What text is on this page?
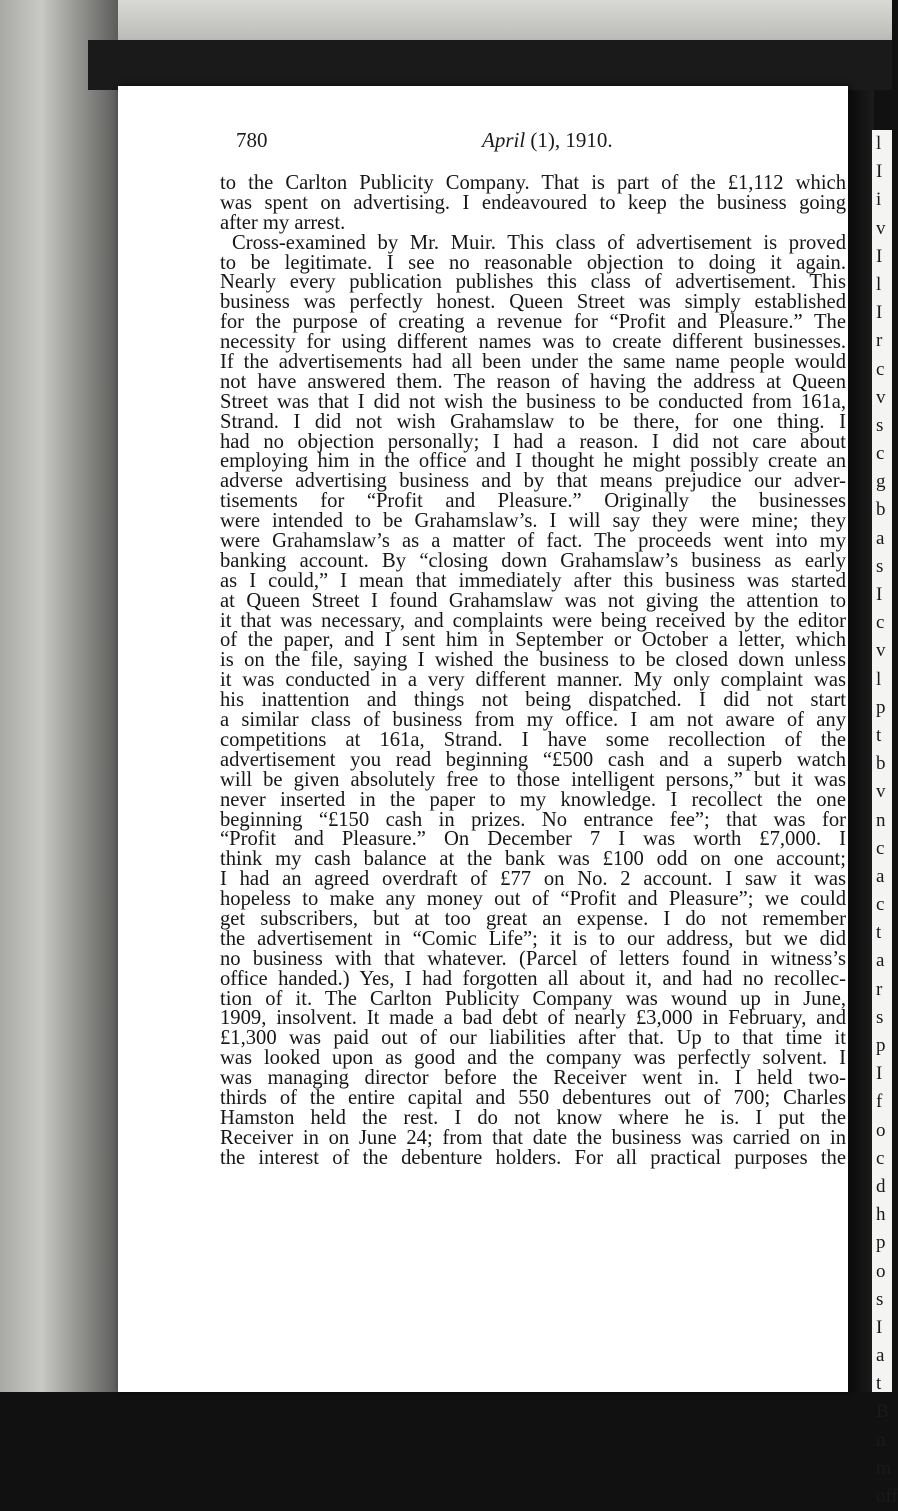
780	April (1), 1910.
to the Carlton Publicity Company. That is part of the £1,112 which
was spent on advertising. I endeavoured to keep the business going
after my arrest.
Cross-examined by Mr. Muir. This class of advertisement is proved
to be legitimate. I see no reasonable objection to doing it again.
Nearly every publication publishes this class of advertisement. This
business was perfectly honest. Queen Street was simply established
for the purpose of creating a revenue for “Profit and Pleasure.” The
necessity for using different names was to create different businesses.
If the advertisements had all been under the same name people would
not have answered them. The reason of having the address at Queen
Street was that I did not wish the business to be conducted from 161a,
Strand. I did not wish Grahamslaw to be there, for one thing. I
had no objection personally; I had a reason. I did not care about
employing him in the office and I thought he might possibly create an
adverse advertising business and by that means prejudice our adver-
tisements for “Profit and Pleasure.” Originally the businesses
were intended to be Grahamslaw’s. I will say they were mine; they
were Grahamslaw’s as a matter of fact. The proceeds went into my
banking account. By “closing down Grahamslaw’s business as early
as I could,” I mean that immediately after this business was started
at Queen Street I found Grahamslaw was not giving the attention to
it that was necessary, and complaints were being received by the editor
of the paper, and I sent him in September or October a letter, which
is on the file, saying I wished the business to be closed down unless
it was conducted in a very different manner. My only complaint was
his inattention and things not being dispatched. I did not start
a similar class of business from my office. I am not aware of any
competitions at 161a, Strand. I have some recollection of the
advertisement you read beginning “£500 cash and a superb watch
will be given absolutely free to those intelligent persons,” but it was
never inserted in the paper to my knowledge. I recollect the one
beginning “£150 cash in prizes. No entrance fee”; that was for
“Profit and Pleasure.” On December 7 I was worth £7,000. I
think my cash balance at the bank was £100 odd on one account;
I had an agreed overdraft of £77 on No. 2 account. I saw it was
hopeless to make any money out of “Profit and Pleasure”; we could
get subscribers, but at too great an expense. I do not remember
the advertisement in “Comic Life”; it is to our address, but we did
no business with that whatever. (Parcel of letters found in witness’s
office handed.) Yes, I had forgotten all about it, and had no recollec-
tion of it. The Carlton Publicity Company was wound up in June,
1909, insolvent. It made a bad debt of nearly £3,000 in February, and
£1,300 was paid out of our liabilities after that. Up to that time it
was looked upon as good and the company was perfectly solvent. I
was managing director before the Receiver went in. I held two-
thirds of the entire capital and 550 debentures out of 700; Charles
Hamston held the rest. I do not know where he is. I put the
Receiver in on June 24; from that date the business was carried on in
the interest of the debenture holders. For all practical purposes the
l
I
i
v
I
l
I
r
c
v
s
c
g
b
a
s
I
c
v
l
p
t
b
v
n
c
a
c
t
a
r
s
p
I
f
o
c
d
h
p
o
s
I
a
t
B
n
m
off
